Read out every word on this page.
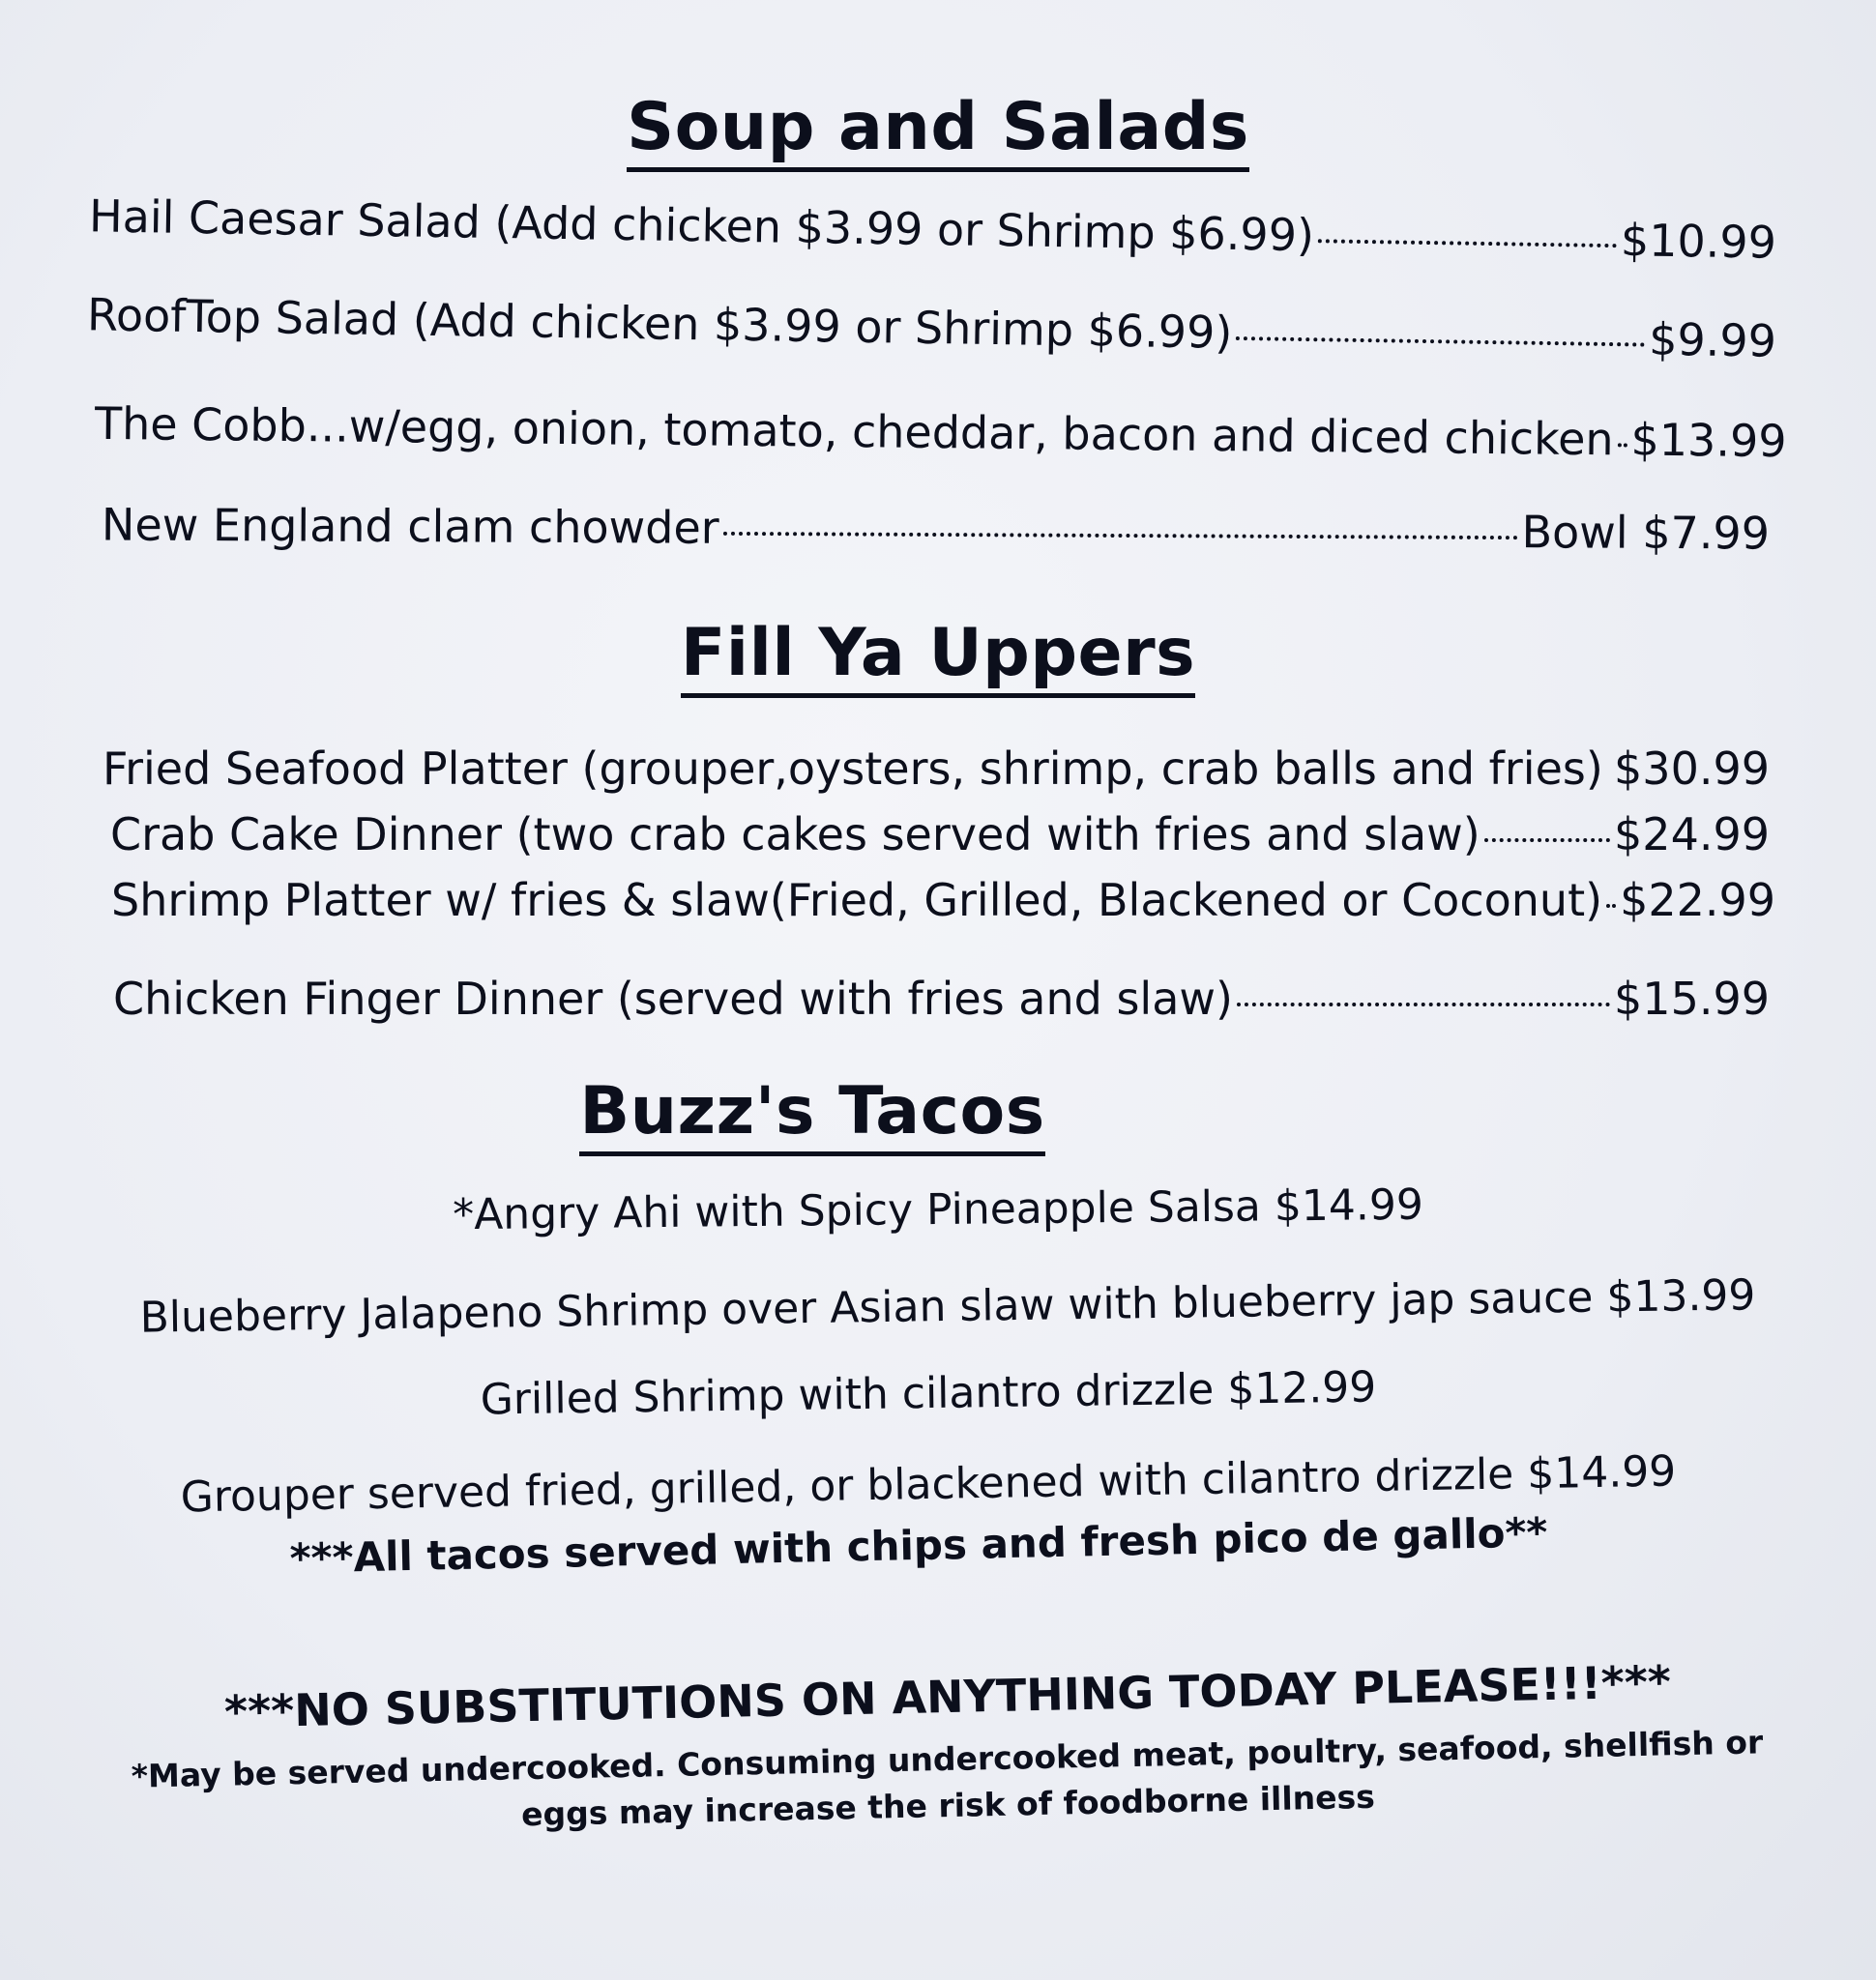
Soup and Salads
Hail Caesar Salad (Add chicken $3.99 or Shrimp $6.99)	$10.99
RoofTop Salad (Add chicken $3.99 or Shrimp $6.99)	$9.99
The Cobb...w/egg, onion, tomato, cheddar, bacon and diced chicken $13.99
New England clam chowder	Bowl $7.99
Fill Ya Uppers
Fried Seafood Platter (grouper,oysters, shrimp, crab balls and fries) $30.99
Crab Cake Dinner (two crab cakes served with fries and slaw)	$24.99
Shrimp Platter w/ fries & slaw(Fried, Grilled, Blackened or Coconut) $22.99
Chicken Finger Dinner (served with fries and slaw)	$15.99
Buzz's Tacos
*Angry Ahi with Spicy Pineapple Salsa $14.99
Blueberry Jalapeno Shrimp over Asian slaw with blueberry jap sauce $13.99
Grilled Shrimp with cilantro drizzle $12.99
Grouper served fried, grilled, or blackened with cilantro drizzle $14.99
***All tacos served with chips and fresh pico de gallo**
***NO SUBSTITUTIONS ON ANYTHING TODAY PLEASE!!!***
*May be served undercooked. Consuming undercooked meat, poultry, seafood, shellfish or eggs may increase the risk of foodborne illness
